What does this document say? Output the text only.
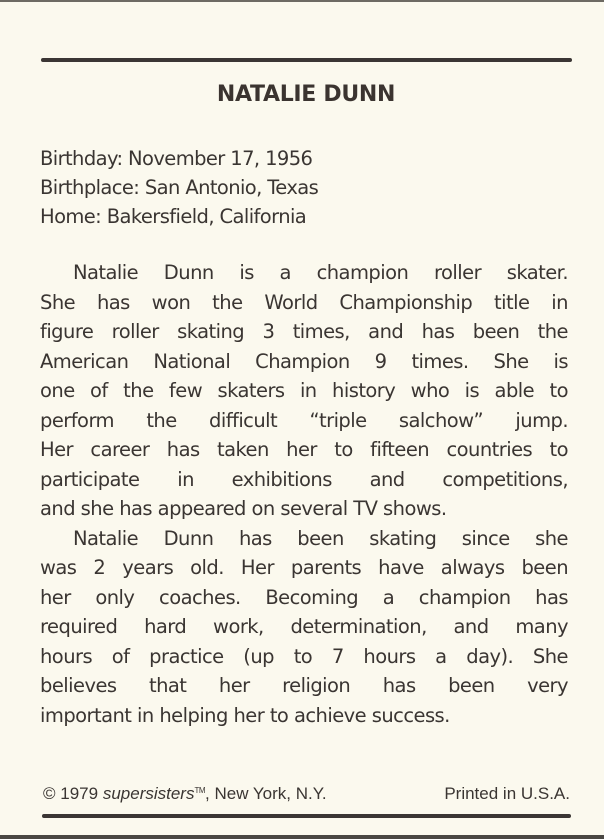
NATALIE DUNN
Birthday: November 17, 1956
Birthplace: San Antonio, Texas
Home: Bakersfield, California
Natalie Dunn is a champion roller skater.
She has won the World Championship title in
figure roller skating 3 times, and has been the
American National Champion 9 times. She is
one of the few skaters in history who is able to
perform the difficult “triple salchow” jump.
Her career has taken her to fifteen countries to
participate in exhibitions and competitions,
and she has appeared on several TV shows.
Natalie Dunn has been skating since she
was 2 years old. Her parents have always been
her only coaches. Becoming a champion has
required hard work, determination, and many
hours of practice (up to 7 hours a day). She
believes that her religion has been very
important in helping her to achieve success.
© 1979 supersisters™, New York, N.Y.	Printed in U.S.A.
